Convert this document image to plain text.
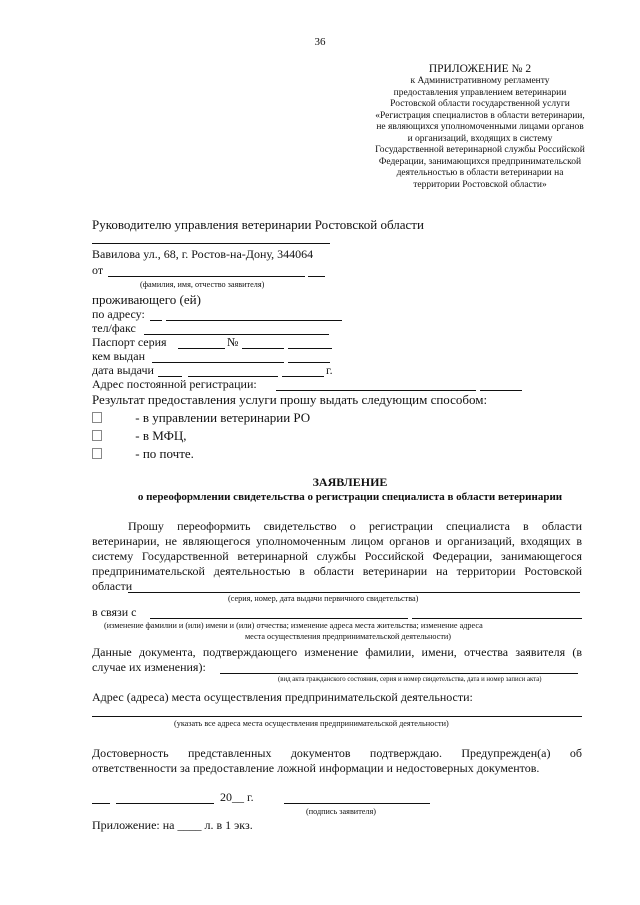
36
ПРИЛОЖЕНИЕ № 2
к Административному регламенту
предоставления управлением ветеринарии
Ростовской области государственной услуги
«Регистрация специалистов в области ветеринарии,
не являющихся уполномоченными лицами органов
и организаций, входящих в систему
Государственной ветеринарной службы Российской
Федерации, занимающихся предпринимательской
деятельностью в области ветеринарии на
территории Ростовской области»
Руководителю управления ветеринарии Ростовской области
Вавилова ул., 68, г. Ростов-на-Дону, 344064
от
(фамилия, имя, отчество заявителя)
проживающего (ей)
по адресу:
тел/факс
Паспорт серия	№
кем выдан
дата выдачи	г.
Адрес постоянной регистрации:
Результат предоставления услуги прошу выдать следующим способом:
- в управлении ветеринарии РО
- в МФЦ,
- по почте.
ЗАЯВЛЕНИЕ
о переоформлении свидетельства о регистрации специалиста в области ветеринарии
Прошу переоформить свидетельство о регистрации специалиста в области
ветеринарии, не являющегося уполномоченным лицом органов и организаций, входящих в
систему Государственной ветеринарной службы Российской Федерации, занимающегося
предпринимательской деятельностью в области ветеринарии на территории Ростовской
области
(серия, номер, дата выдачи первичного свидетельства)
в связи с
(изменение фамилии и (или) имени и (или) отчества; изменение адреса места жительства; изменение адреса
места осуществления предпринимательской деятельности)
Данные документа, подтверждающего изменение фамилии, имени, отчества заявителя (в
случае их изменения):
(вид акта гражданского состояния, серия и номер свидетельства, дата и номер записи акта)
Адрес (адреса) места осуществления предпринимательской деятельности:
(указать все адреса места осуществления предпринимательской деятельности)
Достоверность представленных документов подтверждаю. Предупрежден(а) об
ответственности за предоставление ложной информации и недостоверных документов.
20__ г.
(подпись заявителя)
Приложение: на ____ л. в 1 экз.
